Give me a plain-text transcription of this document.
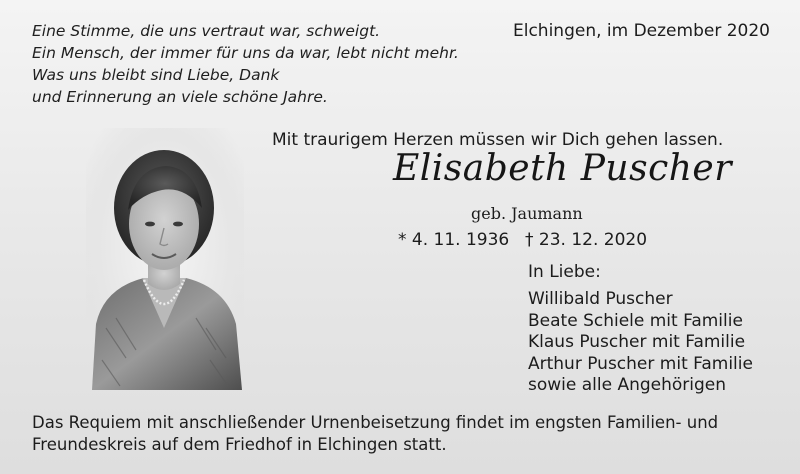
Eine Stimme, die uns vertraut war, schweigt.
Ein Mensch, der immer für uns da war, lebt nicht mehr.
Was uns bleibt sind Liebe, Dank
und Erinnerung an viele schöne Jahre.
Elchingen, im Dezember 2020
Mit traurigem Herzen müssen wir Dich gehen lassen.
Elisabeth Puscher
geb. Jaumann
* 4. 11. 1936 † 23. 12. 2020
In Liebe:
Willibald Puscher
Beate Schiele mit Familie
Klaus Puscher mit Familie
Arthur Puscher mit Familie
sowie alle Angehörigen
Das Requiem mit anschließender Urnenbeisetzung findet im engsten Familien- und
Freundeskreis auf dem Friedhof in Elchingen statt.
